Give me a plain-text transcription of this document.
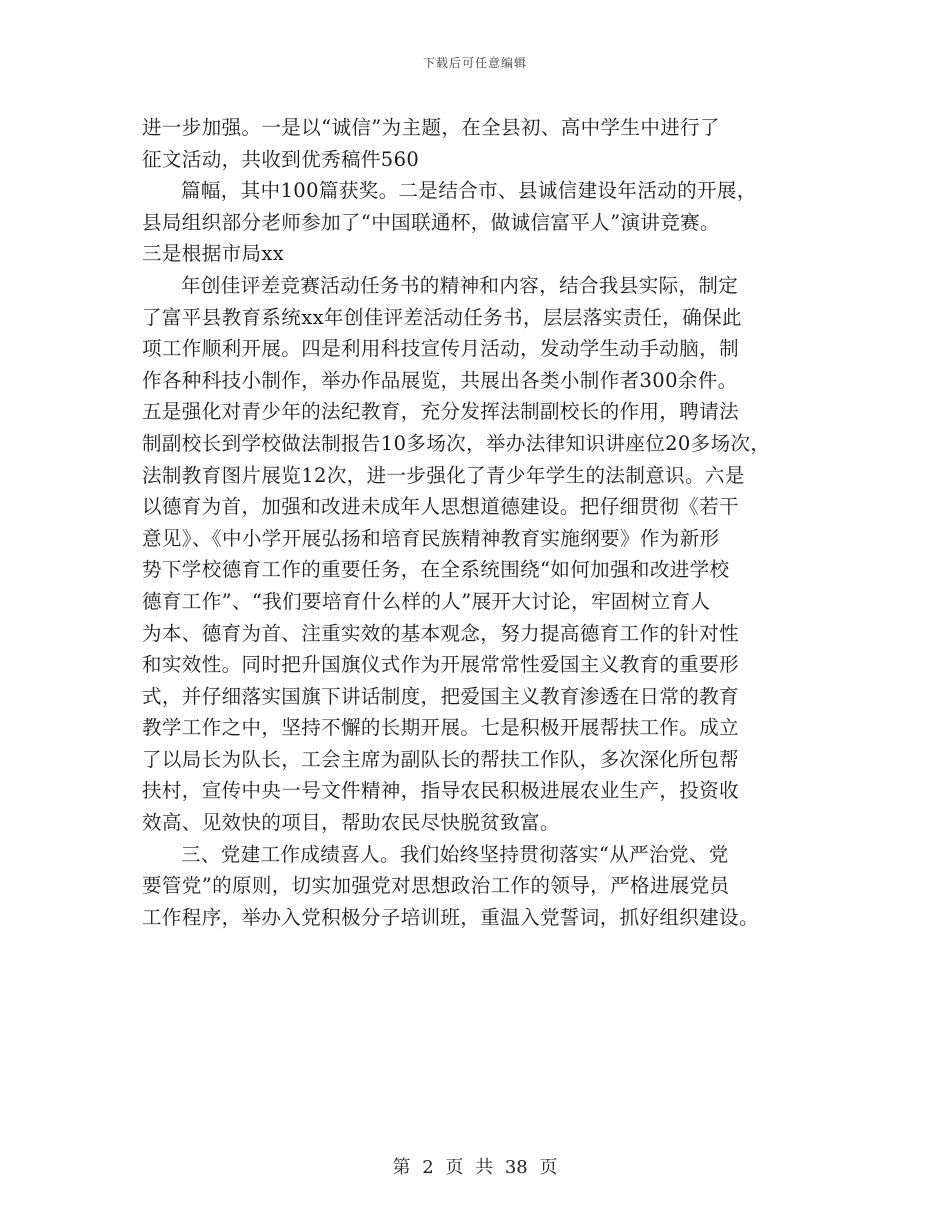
下载后可任意编辑
进一步加强。一是以“诚信”为主题，在全县初、高中学生中进行了
征文活动，共收到优秀稿件560
篇幅，其中100篇获奖。二是结合市、县诚信建设年活动的开展，
县局组织部分老师参加了“中国联通杯，做诚信富平人”演讲竞赛。
三是根据市局xx
年创佳评差竞赛活动任务书的精神和内容，结合我县实际，制定
了富平县教育系统xx年创佳评差活动任务书，层层落实责任，确保此
项工作顺利开展。四是利用科技宣传月活动，发动学生动手动脑，制
作各种科技小制作，举办作品展览，共展出各类小制作者300余件。
五是强化对青少年的法纪教育，充分发挥法制副校长的作用，聘请法
制副校长到学校做法制报告10多场次，举办法律知识讲座位20多场次，
法制教育图片展览12次，进一步强化了青少年学生的法制意识。六是
以德育为首，加强和改进未成年人思想道德建设。把仔细贯彻《若干
意见》、《中小学开展弘扬和培育民族精神教育实施纲要》作为新形
势下学校德育工作的重要任务，在全系统围绕“如何加强和改进学校
德育工作”、“我们要培育什么样的人”展开大讨论，牢固树立育人
为本、德育为首、注重实效的基本观念，努力提高德育工作的针对性
和实效性。同时把升国旗仪式作为开展常常性爱国主义教育的重要形
式，并仔细落实国旗下讲话制度，把爱国主义教育渗透在日常的教育
教学工作之中，坚持不懈的长期开展。七是积极开展帮扶工作。成立
了以局长为队长，工会主席为副队长的帮扶工作队，多次深化所包帮
扶村，宣传中央一号文件精神，指导农民积极进展农业生产，投资收
效高、见效快的项目，帮助农民尽快脱贫致富。
三、党建工作成绩喜人。我们始终坚持贯彻落实“从严治党、党
要管党”的原则，切实加强党对思想政治工作的领导，严格进展党员
工作程序，举办入党积极分子培训班，重温入党誓词，抓好组织建设。
第 2 页 共 38 页
